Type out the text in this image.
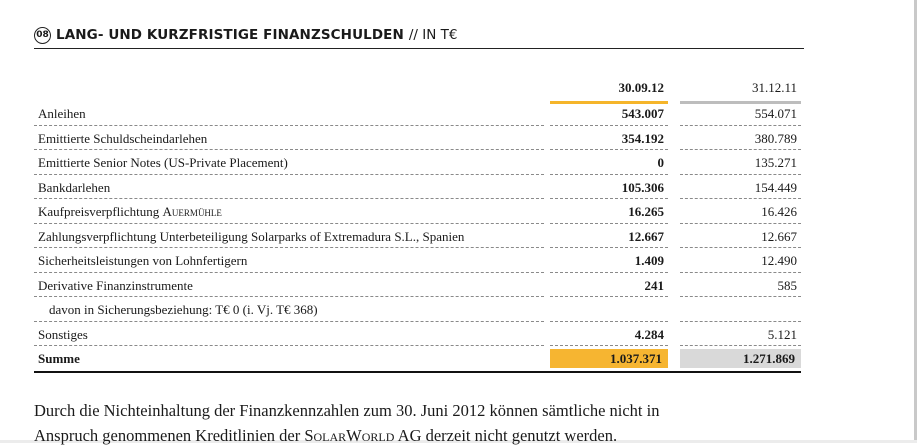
08 LANG- UND KURZFRISTIGE FINANZSCHULDEN // IN T€
30.09.12	31.12.11
Anleihen	543.007	554.071
Emittierte Schuldscheindarlehen	354.192	380.789
Emittierte Senior Notes (US-Private Placement)	0	135.271
Bankdarlehen	105.306	154.449
Kaufpreisverpflichtung Auermühle	16.265	16.426
Zahlungsverpflichtung Unterbeteiligung Solarparks of Extremadura S.L., Spanien	12.667	12.667
Sicherheitsleistungen von Lohnfertigern	1.409	12.490
Derivative Finanzinstrumente	241	585
davon in Sicherungsbeziehung: T€ 0 (i. Vj. T€ 368)
Sonstiges	4.284	5.121
Summe	1.037.371	1.271.869
Durch die Nichteinhaltung der Finanzkennzahlen zum 30. Juni 2012 können sämtliche nicht in
Anspruch genommenen Kreditlinien der SolarWorld AG derzeit nicht genutzt werden.
